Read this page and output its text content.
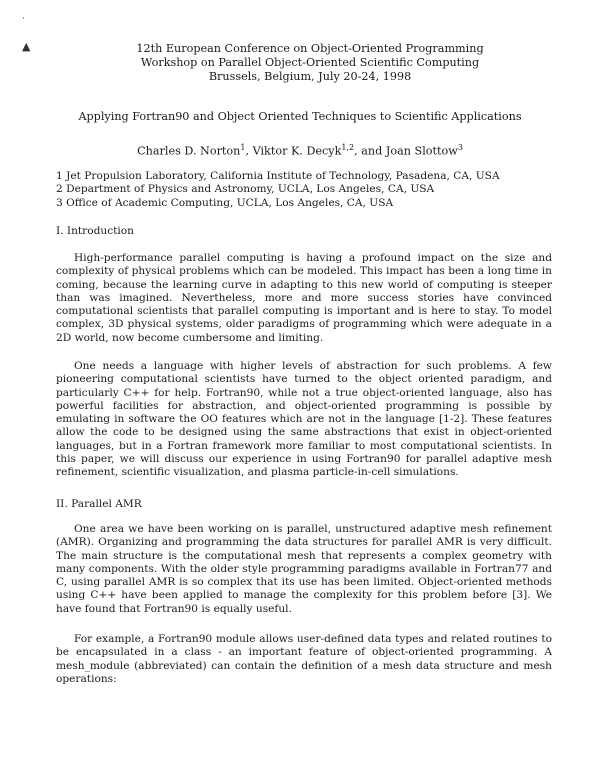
·
▲	12th European Conference on Object-Oriented Programming
Workshop on Parallel Object-Oriented Scientific Computing
Brussels, Belgium, July 20-24, 1998
Applying Fortran90 and Object Oriented Techniques to Scientific Applications
Charles D. Norton$^1$, Viktor K. Decyk$^{1,2}$, and Joan Slottow$^3$
1 Jet Propulsion Laboratory, California Institute of Technology, Pasadena, CA, USA
2 Department of Physics and Astronomy, UCLA, Los Angeles, CA, USA
3 Office of Academic Computing, UCLA, Los Angeles, CA, USA
I. Introduction

High-performance parallel computing is having a profound impact on the size and complexity of physical problems which can be modeled. This impact has been a long time in coming, because the learning curve in adapting to this new world of computing is steeper than was imagined. Nevertheless, more and more success stories have convinced computational scientists that parallel computing is important and is here to stay. To model complex, 3D physical systems, older paradigms of programming which were adequate in a 2D world, now become cumbersome and limiting.

One needs a language with higher levels of abstraction for such problems. A few pioneering computational scientists have turned to the object oriented paradigm, and particularly C++ for help. Fortran90, while not a true object-oriented language, also has powerful facilities for abstraction, and object-oriented programming is possible by emulating in software the OO features which are not in the language [1-2]. These features allow the code to be designed using the same abstractions that exist in object-oriented languages, but in a Fortran framework more familiar to most computational scientists. In this paper, we will discuss our experience in using Fortran90 for parallel adaptive mesh refinement, scientific visualization, and plasma particle-in-cell simulations.

II. Parallel AMR

One area we have been working on is parallel, unstructured adaptive mesh refinement (AMR). Organizing and programming the data structures for parallel AMR is very difficult. The main structure is the computational mesh that represents a complex geometry with many components. With the older style programming paradigms available in Fortran77 and C, using parallel AMR is so complex that its use has been limited. Object-oriented methods using C++ have been applied to manage the complexity for this problem before [3]. We have found that Fortran90 is equally useful.

For example, a Fortran90 module allows user-defined data types and related routines to be encapsulated in a class - an important feature of object-oriented programming. A mesh_module (abbreviated) can contain the definition of a mesh data structure and mesh operations:
